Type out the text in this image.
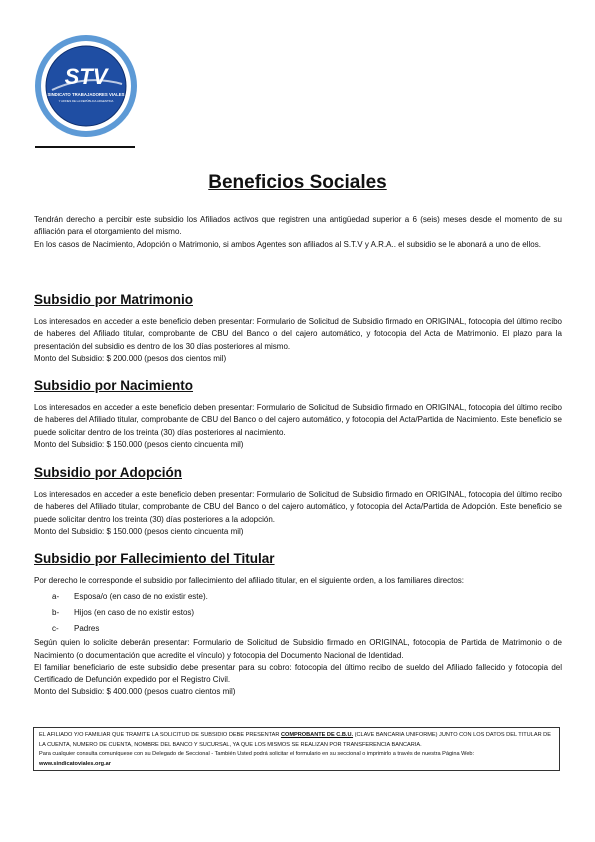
STV
SINDICATO TRABAJADORES VIALES
Y AFINES DE LA REPÚBLICA ARGENTINA
Beneficios Sociales

Tendrán derecho a percibir este subsidio los Afiliados activos que registren una antigüedad superior a 6 (seis) meses desde el momento de su afiliación para el otorgamiento del mismo.

En los casos de Nacimiento, Adopción o Matrimonio, si ambos Agentes son afiliados al S.T.V y A.R.A.. el subsidio se le abonará a uno de ellos.

Subsidio por Matrimonio

Los interesados en acceder a este beneficio deben presentar: Formulario de Solicitud de Subsidio firmado en ORIGINAL, fotocopia del último recibo de haberes del Afiliado titular, comprobante de CBU del Banco o del cajero automático, y fotocopia del Acta de Matrimonio. El plazo para la presentación del subsidio es dentro de los 30 días posteriores al mismo.

Monto del Subsidio: $ 200.000 (pesos dos cientos mil)

Subsidio por Nacimiento

Los interesados en acceder a este beneficio deben presentar: Formulario de Solicitud de Subsidio firmado en ORIGINAL, fotocopia del último recibo de haberes del Afiliado titular, comprobante de CBU del Banco o del cajero automático, y fotocopia del Acta/Partida de Nacimiento. Este beneficio se puede solicitar dentro de los treinta (30) días posteriores al nacimiento.

Monto del Subsidio: $ 150.000 (pesos ciento cincuenta mil)

Subsidio por Adopción

Los interesados en acceder a este beneficio deben presentar: Formulario de Solicitud de Subsidio firmado en ORIGINAL, fotocopia del último recibo de haberes del Afiliado titular, comprobante de CBU del Banco o del cajero automático, y fotocopia del Acta/Partida de Adopción. Este beneficio se puede solicitar dentro los treinta (30) días posteriores a la adopción.

Monto del Subsidio: $ 150.000 (pesos ciento cincuenta mil)

Subsidio por Fallecimiento del Titular

Por derecho le corresponde el subsidio por fallecimiento del afiliado titular, en el siguiente orden, a los familiares directos:

a-	Esposa/o (en caso de no existir este).
b-	Hijos (en caso de no existir estos)
c-	Padres

Según quien lo solicite deberán presentar: Formulario de Solicitud de Subsidio firmado en ORIGINAL, fotocopia de Partida de Matrimonio o de Nacimiento (o documentación que acredite el vínculo) y fotocopia del Documento Nacional de Identidad.

El familiar beneficiario de este subsidio debe presentar para su cobro: fotocopia del último recibo de sueldo del Afiliado fallecido y fotocopia del Certificado de Defunción expedido por el Registro Civil.

Monto del Subsidio: $ 400.000 (pesos cuatro cientos mil)

EL AFILIADO Y/O FAMILIAR QUE TRAMITE LA SOLICITUD DE SUBSIDIO DEBE PRESENTAR COMPROBANTE DE C.B.U. (CLAVE BANCARIA UNIFORME) JUNTO CON LOS DATOS DEL TITULAR DE LA CUENTA, NUMERO DE CUENTA, NOMBRE DEL BANCO Y SUCURSAL, YA QUE LOS MISMOS SE REALIZAN POR TRANSFERENCIA BANCARIA.

Para cualquier consulta comuníquese con su Delegado de Seccional - También Usted podrá solicitar el formulario en su seccional o imprimirlo a través de nuestra Página Web:

www.sindicatoviales.org.ar
